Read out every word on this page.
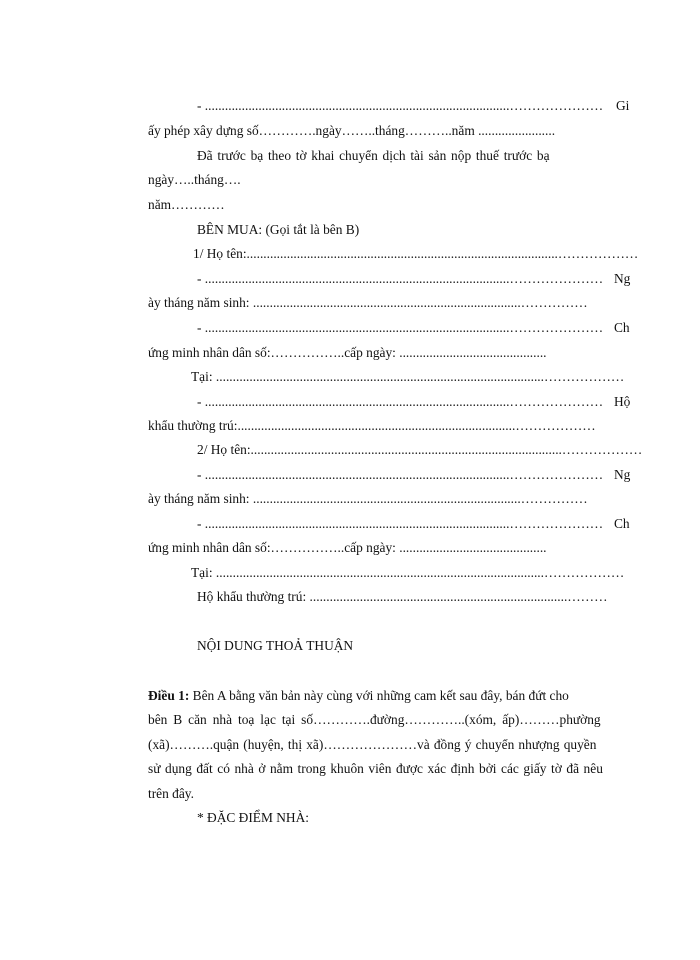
- ...........................................................................................………………… Gi
ấy phép xây dựng số………….ngày……..tháng………..năm .......................
Đã trước bạ theo tờ khai chuyển dịch tài sản nộp thuế trước bạ
ngày…..tháng….
năm…………
BÊN MUA: (Gọi tắt là bên B)
1/ Họ tên:.............................................................................................………………
- ...........................................................................................………………… Ng
ày tháng năm sinh: ................................................................................……………
- ...........................................................................................………………… Ch
ứng minh nhân dân số:……………..cấp ngày: ............................................
Tại: ..................................................................................................………………
- ...........................................................................................………………… Hộ
khẩu thường trú:...................................................................................………………
2/ Họ tên:.............................................................................................………………
- ...........................................................................................………………… Ng
ày tháng năm sinh: ................................................................................……………
- ...........................................................................................………………… Ch
ứng minh nhân dân số:……………..cấp ngày: ............................................
Tại: ..................................................................................................………………
Hộ khẩu thường trú: .............................................................................………
NỘI DUNG THOẢ THUẬN
Điều 1: Bên A bằng văn bản này cùng với những cam kết sau đây, bán đứt cho
bên B căn nhà toạ lạc tại số………….đường…………..(xóm, ấp)………phường
(xã)……….quận (huyện, thị xã)…………………và đồng ý chuyển nhượng quyền
sử dụng đất có nhà ở nằm trong khuôn viên được xác định bởi các giấy tờ đã nêu
trên đây.
* ĐẶC ĐIỂM NHÀ:
